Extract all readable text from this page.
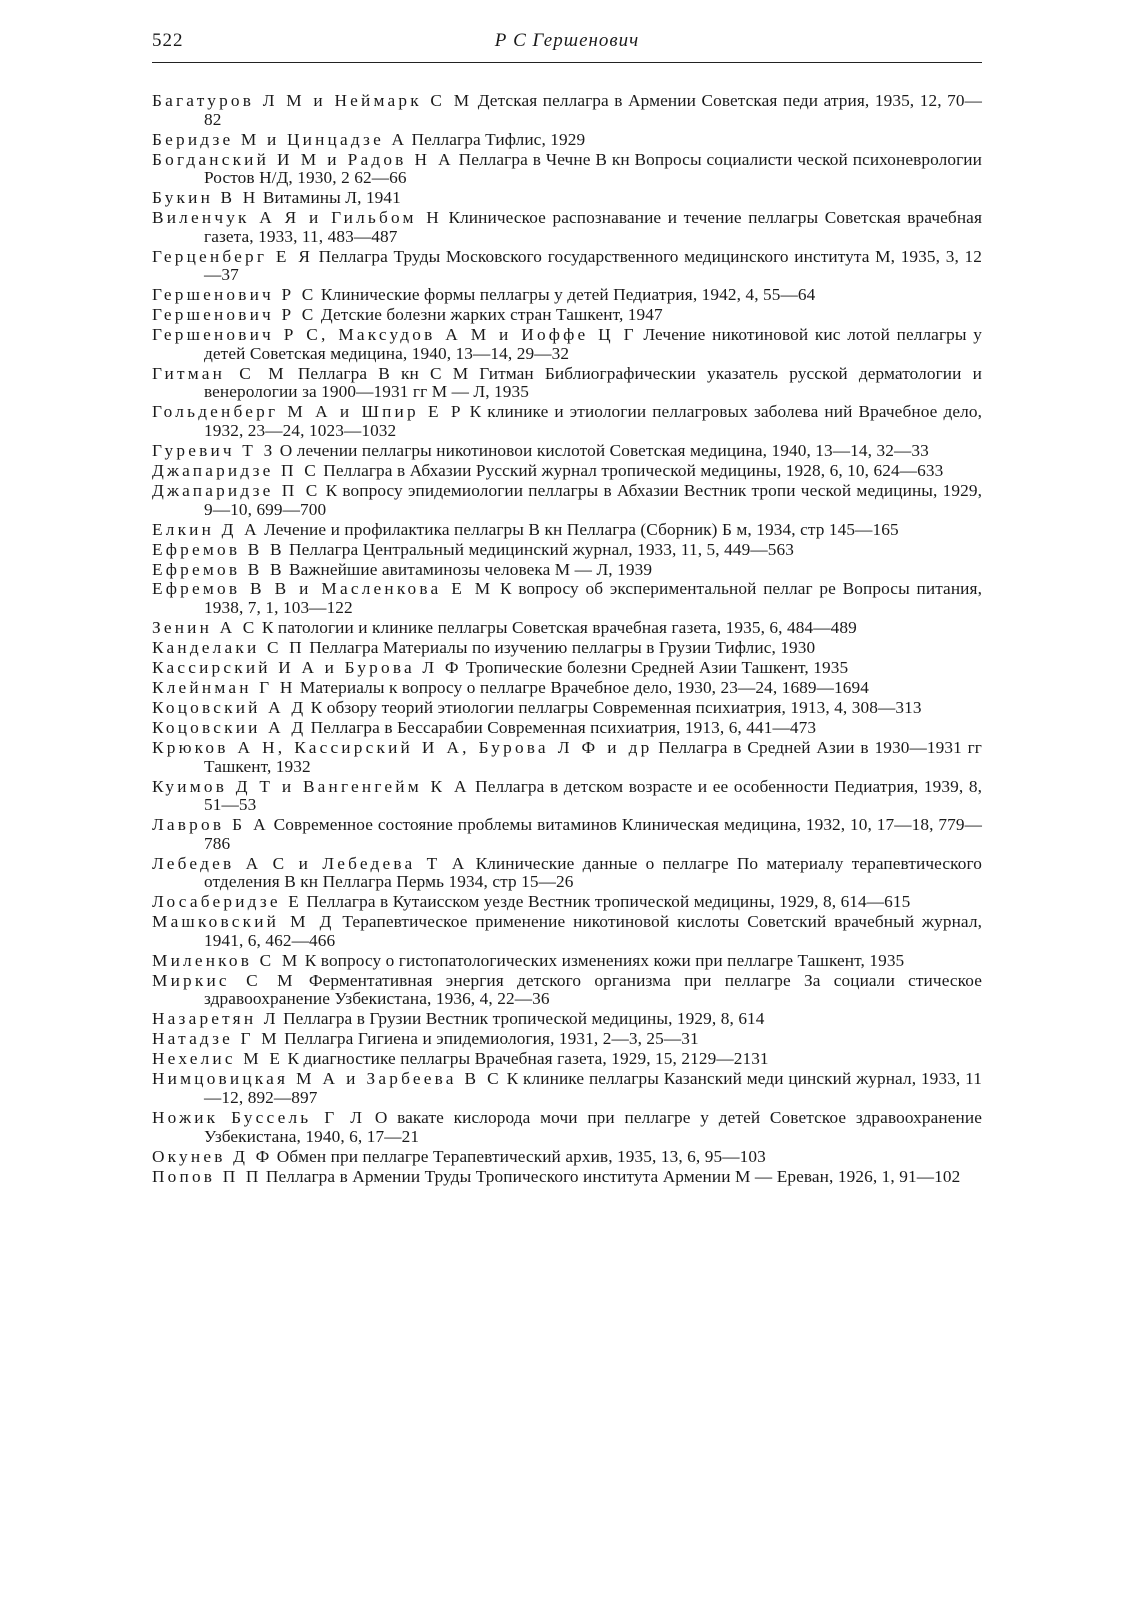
522	Р С Гершенович
Багатуров Л М и Неймарк С М Детская пеллагра в Армении Советская педи атрия, 1935, 12, 70—82
Беридзе М и Цинцадзе А Пеллагра Тифлис, 1929
Богданский И М и Радов Н А Пеллагра в Чечне В кн Вопросы социалисти ческой психоневрологии Ростов Н/Д, 1930, 2 62—66
Букин В Н Витамины Л, 1941
Виленчук А Я и Гильбом Н Клиническое распознавание и течение пеллагры Советская врачебная газета, 1933, 11, 483—487
Герценберг Е Я Пеллагра Труды Московского государственного медицинского института М, 1935, 3, 12—37
Гершенович Р С Клинические формы пеллагры у детей Педиатрия, 1942, 4, 55—64
Гершенович Р С Детские болезни жарких стран Ташкент, 1947
Гершенович Р С, Максудов А М и Иоффе Ц Г Лечение никотиновой кис лотой пеллагры у детей Советская медицина, 1940, 13—14, 29—32
Гитман С М Пеллагра В кн С М Гитман Библиографическии указатель русской дерматологии и венерологии за 1900—1931 гг М — Л, 1935
Гольденберг М А и Шпир Е Р К клинике и этиологии пеллагровых заболева ний Врачебное дело, 1932, 23—24, 1023—1032
Гуревич Т З О лечении пеллагры никотиновои кислотой Советская медицина, 1940, 13—14, 32—33
Джапаридзе П С Пеллагра в Абхазии Русский журнал тропической медицины, 1928, 6, 10, 624—633
Джапаридзе П С К вопросу эпидемиологии пеллагры в Абхазии Вестник тропи ческой медицины, 1929, 9—10, 699—700
Елкин Д А Лечение и профилактика пеллагры В кн Пеллагра (Сборник) Б м, 1934, стр 145—165
Ефремов В В Пеллагра Центральный медицинский журнал, 1933, 11, 5, 449—563
Ефремов В В Важнейшие авитаминозы человека М — Л, 1939
Ефремов В В и Масленкова Е М К вопросу об экспериментальной пеллаг ре Вопросы питания, 1938, 7, 1, 103—122
Зенин А С К патологии и клинике пеллагры Советская врачебная газета, 1935, 6, 484—489
Канделаки С П Пеллагра Материалы по изучению пеллагры в Грузии Тифлис, 1930
Кассирский И А и Бурова Л Ф Тропические болезни Средней Азии Ташкент, 1935
Клейнман Г Н Материалы к вопросу о пеллагре Врачебное дело, 1930, 23—24, 1689—1694
Коцовский А Д К обзору теорий этиологии пеллагры Современная психиатрия, 1913, 4, 308—313
Коцовскии А Д Пеллагра в Бессарабии Современная психиатрия, 1913, 6, 441—473
Крюков А Н, Кассирский И А, Бурова Л Ф и др Пеллагра в Средней Азии в 1930—1931 гг Ташкент, 1932
Куимов Д Т и Вангенгейм К А Пеллагра в детском возрасте и ее особенности Педиатрия, 1939, 8, 51—53
Лавров Б А Современное состояние проблемы витаминов Клиническая медицина, 1932, 10, 17—18, 779—786
Лебедев А С и Лебедева Т А Клинические данные о пеллагре По материалу терапевтического отделения В кн Пеллагра Пермь 1934, стр 15—26
Лосаберидзе Е Пеллагра в Кутаисском уезде Вестник тропической медицины, 1929, 8, 614—615
Машковский М Д Терапевтическое применение никотиновой кислоты Советский врачебный журнал, 1941, 6, 462—466
Миленков С М К вопросу о гистопатологических изменениях кожи при пеллагре Ташкент, 1935
Миркис С М Ферментативная энергия детского организма при пеллагре За социали стическое здравоохранение Узбекистана, 1936, 4, 22—36
Назаретян Л Пеллагра в Грузии Вестник тропической медицины, 1929, 8, 614
Натадзе Г М Пеллагра Гигиена и эпидемиология, 1931, 2—3, 25—31
Нехелис М Е К диагностике пеллагры Врачебная газета, 1929, 15, 2129—2131
Нимцовицкая М А и Зарбеева В С К клинике пеллагры Казанский меди цинский журнал, 1933, 11—12, 892—897
Ножик Буссель Г Л О вакате кислорода мочи при пеллагре у детей Советское здравоохранение Узбекистана, 1940, 6, 17—21
Окунев Д Ф Обмен при пеллагре Терапевтический архив, 1935, 13, 6, 95—103
Попов П П Пеллагра в Армении Труды Тропического института Армении М — Ереван, 1926, 1, 91—102
